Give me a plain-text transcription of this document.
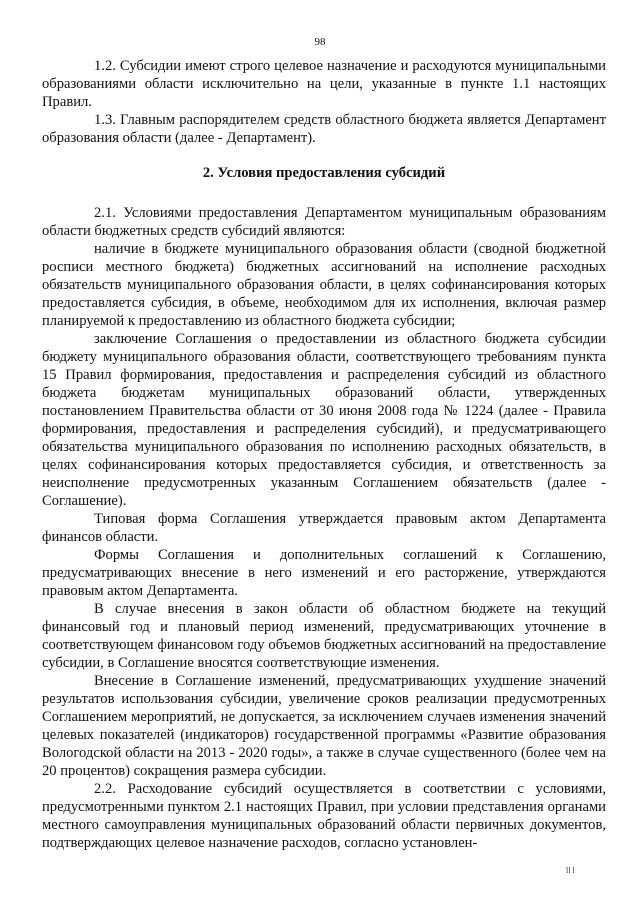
98

1.2. Субсидии имеют строго целевое назначение и расходуются муниципальными образованиями области исключительно на цели, указанные в пункте 1.1 настоящих Правил.

1.3. Главным распорядителем средств областного бюджета является Департамент образования области (далее - Департамент).

2. Условия предоставления субсидий

2.1. Условиями предоставления Департаментом муниципальным образованиям области бюджетных средств субсидий являются:

наличие в бюджете муниципального образования области (сводной бюджетной росписи местного бюджета) бюджетных ассигнований на исполнение расходных обязательств муниципального образования области, в целях софинансирования которых предоставляется субсидия, в объеме, необходимом для их исполнения, включая размер планируемой к предоставлению из областного бюджета субсидии;

заключение Соглашения о предоставлении из областного бюджета субсидии бюджету муниципального образования области, соответствующего требованиям пункта 15 Правил формирования, предоставления и распределения субсидий из областного бюджета бюджетам муниципальных образований области, утвержденных постановлением Правительства области от 30 июня 2008 года № 1224 (далее - Правила формирования, предоставления и распределения субсидий), и предусматривающего обязательства муниципального образования по исполнению расходных обязательств, в целях софинансирования которых предоставляется субсидия, и ответственность за неисполнение предусмотренных указанным Соглашением обязательств (далее - Соглашение).

Типовая форма Соглашения утверждается правовым актом Департамента финансов области.

Формы Соглашения и дополнительных соглашений к Соглашению, предусматривающих внесение в него изменений и его расторжение, утверждаются правовым актом Департамента.

В случае внесения в закон области об областном бюджете на текущий финансовый год и плановый период изменений, предусматривающих уточнение в соответствующем финансовом году объемов бюджетных ассигнований на предоставление субсидии, в Соглашение вносятся соответствующие изменения.

Внесение в Соглашение изменений, предусматривающих ухудшение значений результатов использования субсидии, увеличение сроков реализации предусмотренных Соглашением мероприятий, не допускается, за исключением случаев изменения значений целевых показателей (индикаторов) государственной программы «Развитие образования Вологодской области на 2013 - 2020 годы», а также в случае существенного (более чем на 20 процентов) сокращения размера субсидии.

2.2. Расходование субсидий осуществляется в соответствии с условиями, предусмотренными пунктом 2.1 настоящих Правил, при условии представления органами местного самоуправления муниципальных образований области первичных документов, подтверждающих целевое назначение расходов, согласно установлен-

ll l
